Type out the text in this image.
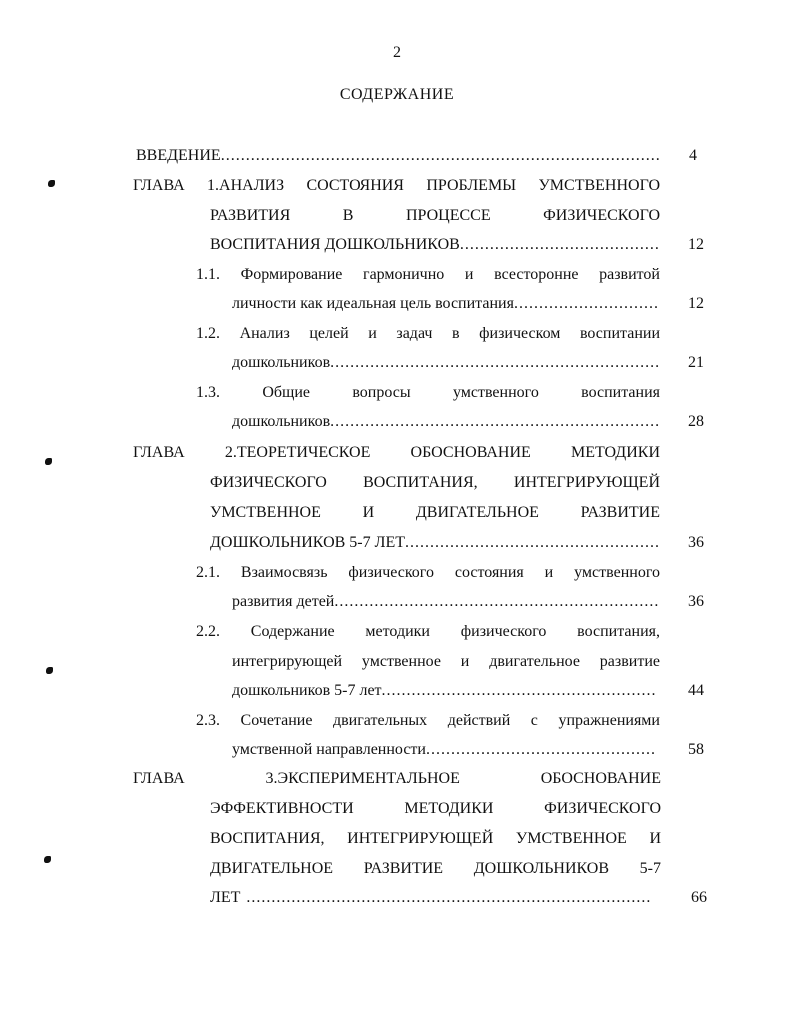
2
СОДЕРЖАНИЕ
ВВЕДЕНИЕ .....	4
ГЛАВА 1.АНАЛИЗ СОСТОЯНИЯ ПРОБЛЕМЫ УМСТВЕННОГО
РАЗВИТИЯ В ПРОЦЕССЕ ФИЗИЧЕСКОГО
ВОСПИТАНИЯ ДОШКОЛЬНИКОВ .....	12
1.1. Формирование гармонично и всесторонне развитой
личности как идеальная цель воспитания .....	12
1.2. Анализ целей и задач в физическом воспитании
дошкольников .....	21
1.3. Общие вопросы умственного воспитания
дошкольников .....	28
ГЛАВА 2.ТЕОРЕТИЧЕСКОЕ ОБОСНОВАНИЕ МЕТОДИКИ
ФИЗИЧЕСКОГО ВОСПИТАНИЯ, ИНТЕГРИРУЮЩЕЙ
УМСТВЕННОЕ И ДВИГАТЕЛЬНОЕ РАЗВИТИЕ
ДОШКОЛЬНИКОВ 5-7 ЛЕТ .....	36
2.1. Взаимосвязь физического состояния и умственного
развития детей .....	36
2.2. Содержание методики физического воспитания,
интегрирующей умственное и двигательное развитие
дошкольников 5-7 лет .....	44
2.3. Сочетание двигательных действий с упражнениями
умственной направленности .....	58
ГЛАВА 3.ЭКСПЕРИМЕНТАЛЬНОЕ ОБОСНОВАНИЕ
ЭФФЕКТИВНОСТИ МЕТОДИКИ ФИЗИЧЕСКОГО
ВОСПИТАНИЯ, ИНТЕГРИРУЮЩЕЙ УМСТВЕННОЕ И
ДВИГАТЕЛЬНОЕ РАЗВИТИЕ ДОШКОЛЬНИКОВ 5-7
ЛЕТ .....	66
